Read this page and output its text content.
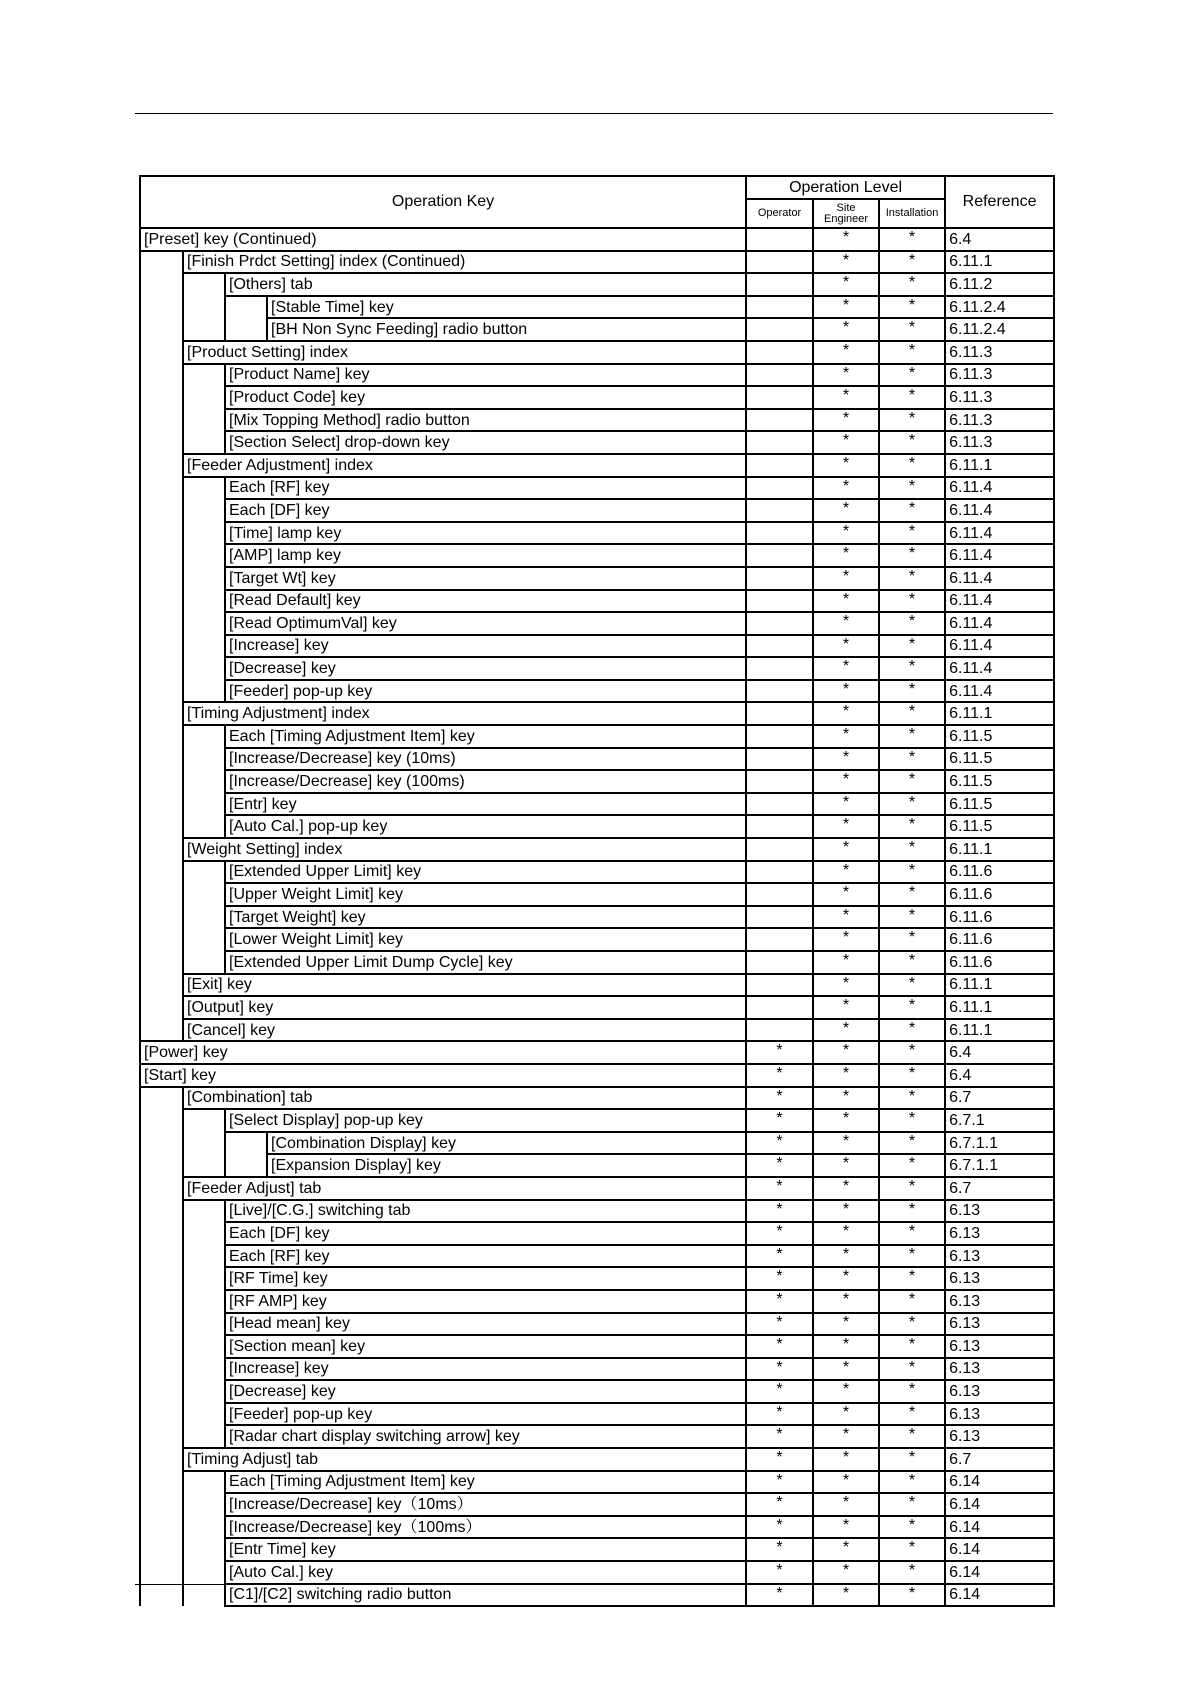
Operation Key				Operation Level			Reference
				Operator	Site Engineer	Installation	
[Preset] key (Continued)					*	*	6.4
	[Finish Prdct Setting] index (Continued)				*	*	6.11.1
		[Others] tab			*	*	6.11.2
			[Stable Time] key		*	*	6.11.2.4
			[BH Non Sync Feeding] radio button		*	*	6.11.2.4
	[Product Setting] index				*	*	6.11.3
		[Product Name] key			*	*	6.11.3
		[Product Code] key			*	*	6.11.3
		[Mix Topping Method] radio button			*	*	6.11.3
		[Section Select] drop-down key			*	*	6.11.3
	[Feeder Adjustment] index				*	*	6.11.1
		Each [RF] key			*	*	6.11.4
		Each [DF] key			*	*	6.11.4
		[Time] lamp key			*	*	6.11.4
		[AMP] lamp key			*	*	6.11.4
		[Target Wt] key			*	*	6.11.4
		[Read Default] key			*	*	6.11.4
		[Read OptimumVal] key			*	*	6.11.4
		[Increase] key			*	*	6.11.4
		[Decrease] key			*	*	6.11.4
		[Feeder] pop-up key			*	*	6.11.4
	[Timing Adjustment] index				*	*	6.11.1
		Each [Timing Adjustment Item] key			*	*	6.11.5
		[Increase/Decrease] key (10ms)			*	*	6.11.5
		[Increase/Decrease] key (100ms)			*	*	6.11.5
		[Entr] key			*	*	6.11.5
		[Auto Cal.] pop-up key			*	*	6.11.5
	[Weight Setting] index				*	*	6.11.1
		[Extended Upper Limit] key			*	*	6.11.6
		[Upper Weight Limit] key			*	*	6.11.6
		[Target Weight] key			*	*	6.11.6
		[Lower Weight Limit] key			*	*	6.11.6
		[Extended Upper Limit Dump Cycle] key			*	*	6.11.6
	[Exit] key				*	*	6.11.1
	[Output] key				*	*	6.11.1
	[Cancel] key				*	*	6.11.1
[Power] key				*	*	*	6.4
[Start] key				*	*	*	6.4
	[Combination] tab			*	*	*	6.7
		[Select Display] pop-up key		*	*	*	6.7.1
			[Combination Display] key	*	*	*	6.7.1.1
			[Expansion Display] key	*	*	*	6.7.1.1
	[Feeder Adjust] tab			*	*	*	6.7
		[Live]/[C.G.] switching tab		*	*	*	6.13
		Each [DF] key		*	*	*	6.13
		Each [RF] key		*	*	*	6.13
		[RF Time] key		*	*	*	6.13
		[RF AMP] key		*	*	*	6.13
		[Head mean] key		*	*	*	6.13
		[Section mean] key		*	*	*	6.13
		[Increase] key		*	*	*	6.13
		[Decrease] key		*	*	*	6.13
		[Feeder] pop-up key		*	*	*	6.13
		[Radar chart display switching arrow] key		*	*	*	6.13
	[Timing Adjust] tab			*	*	*	6.7
		Each [Timing Adjustment Item] key		*	*	*	6.14
		[Increase/Decrease] key（10ms）		*	*	*	6.14
		[Increase/Decrease] key（100ms）		*	*	*	6.14
		[Entr Time] key		*	*	*	6.14
		[Auto Cal.] key		*	*	*	6.14
		[C1]/[C2] switching radio button		*	*	*	6.14
